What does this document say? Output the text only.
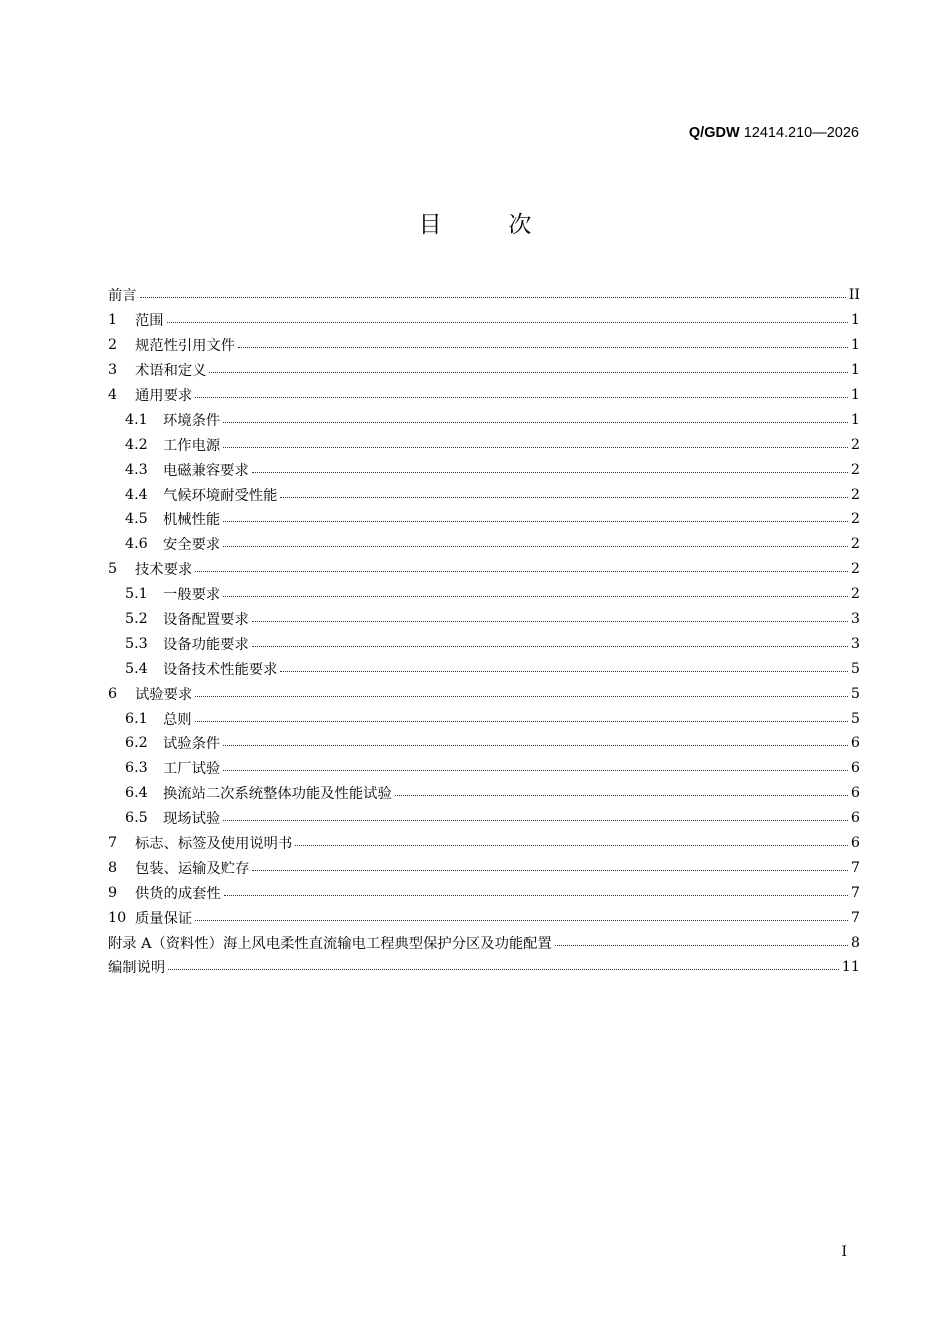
Q/GDW 12414.210—2026
目次
前言	II
1	范围	1
2	规范性引用文件	1
3	术语和定义	1
4	通用要求	1
4.1	环境条件	1
4.2	工作电源	2
4.3	电磁兼容要求	2
4.4	气候环境耐受性能	2
4.5	机械性能	2
4.6	安全要求	2
5	技术要求	2
5.1	一般要求	2
5.2	设备配置要求	3
5.3	设备功能要求	3
5.4	设备技术性能要求	5
6	试验要求	5
6.1	总则	5
6.2	试验条件	6
6.3	工厂试验	6
6.4	换流站二次系统整体功能及性能试验	6
6.5	现场试验	6
7	标志、标签及使用说明书	6
8	包装、运输及贮存	7
9	供货的成套性	7
10 质量保证	7
附录 A（资料性）海上风电柔性直流输电工程典型保护分区及功能配置	8
编制说明	11
I
